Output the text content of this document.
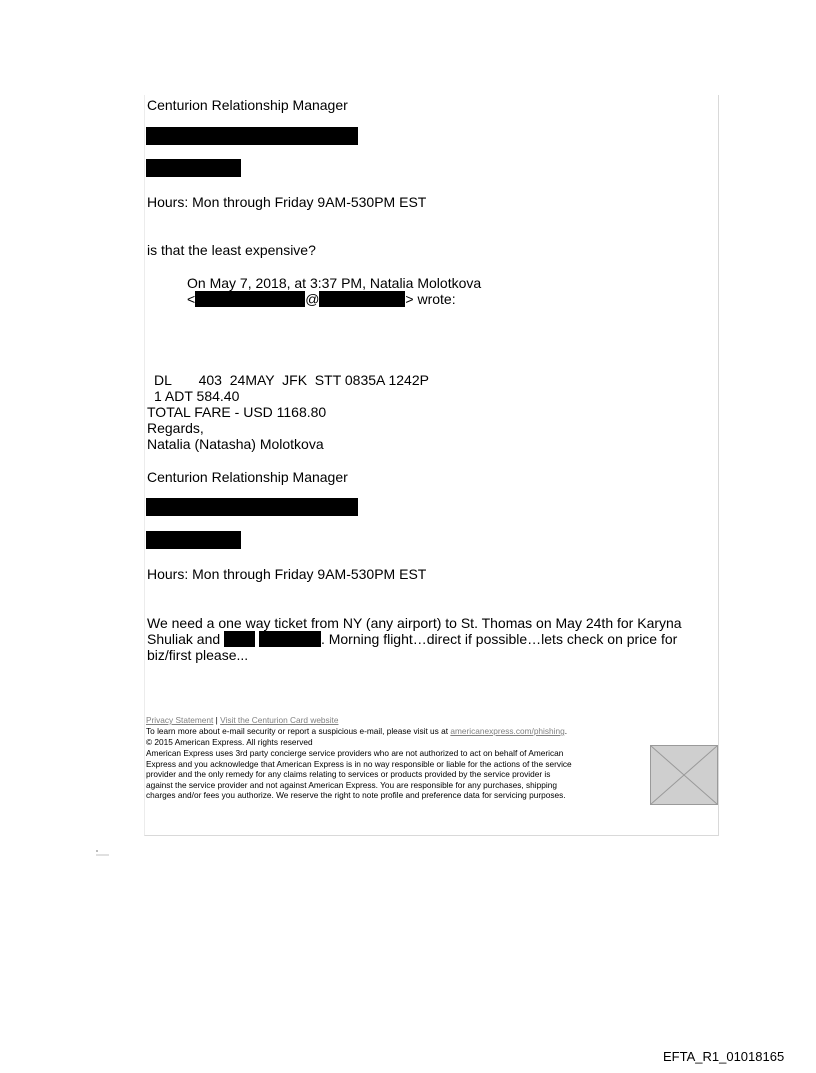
Centurion Relationship Manager
Hours: Mon through Friday 9AM-530PM EST
is that the least expensive?
On May 7, 2018, at 3:37 PM, Natalia Molotkova
<	@	> wrote:
DL       403  24MAY  JFK  STT 0835A 1242P
1 ADT 584.40
TOTAL FARE - USD 1168.80
Regards,
Natalia (Natasha) Molotkova
Centurion Relationship Manager
Hours: Mon through Friday 9AM-530PM EST
We need a one way ticket from NY (any airport) to St. Thomas on May 24th for Karyna
Shuliak and	. Morning flight…direct if possible…lets check on price for
biz/first please...
Privacy Statement | Visit the Centurion Card website
To learn more about e-mail security or report a suspicious e-mail, please visit us at americanexpress.com/phishing.
© 2015 American Express. All rights reserved
American Express uses 3rd party concierge service providers who are not authorized to act on behalf of American
Express and you acknowledge that American Express is in no way responsible or liable for the actions of the service
provider and the only remedy for any claims relating to services or products provided by the service provider is
against the service provider and not against American Express. You are responsible for any purchases, shipping
charges and/or fees you authorize. We reserve the right to note profile and preference data for servicing purposes.
EFTA_R1_01018165
